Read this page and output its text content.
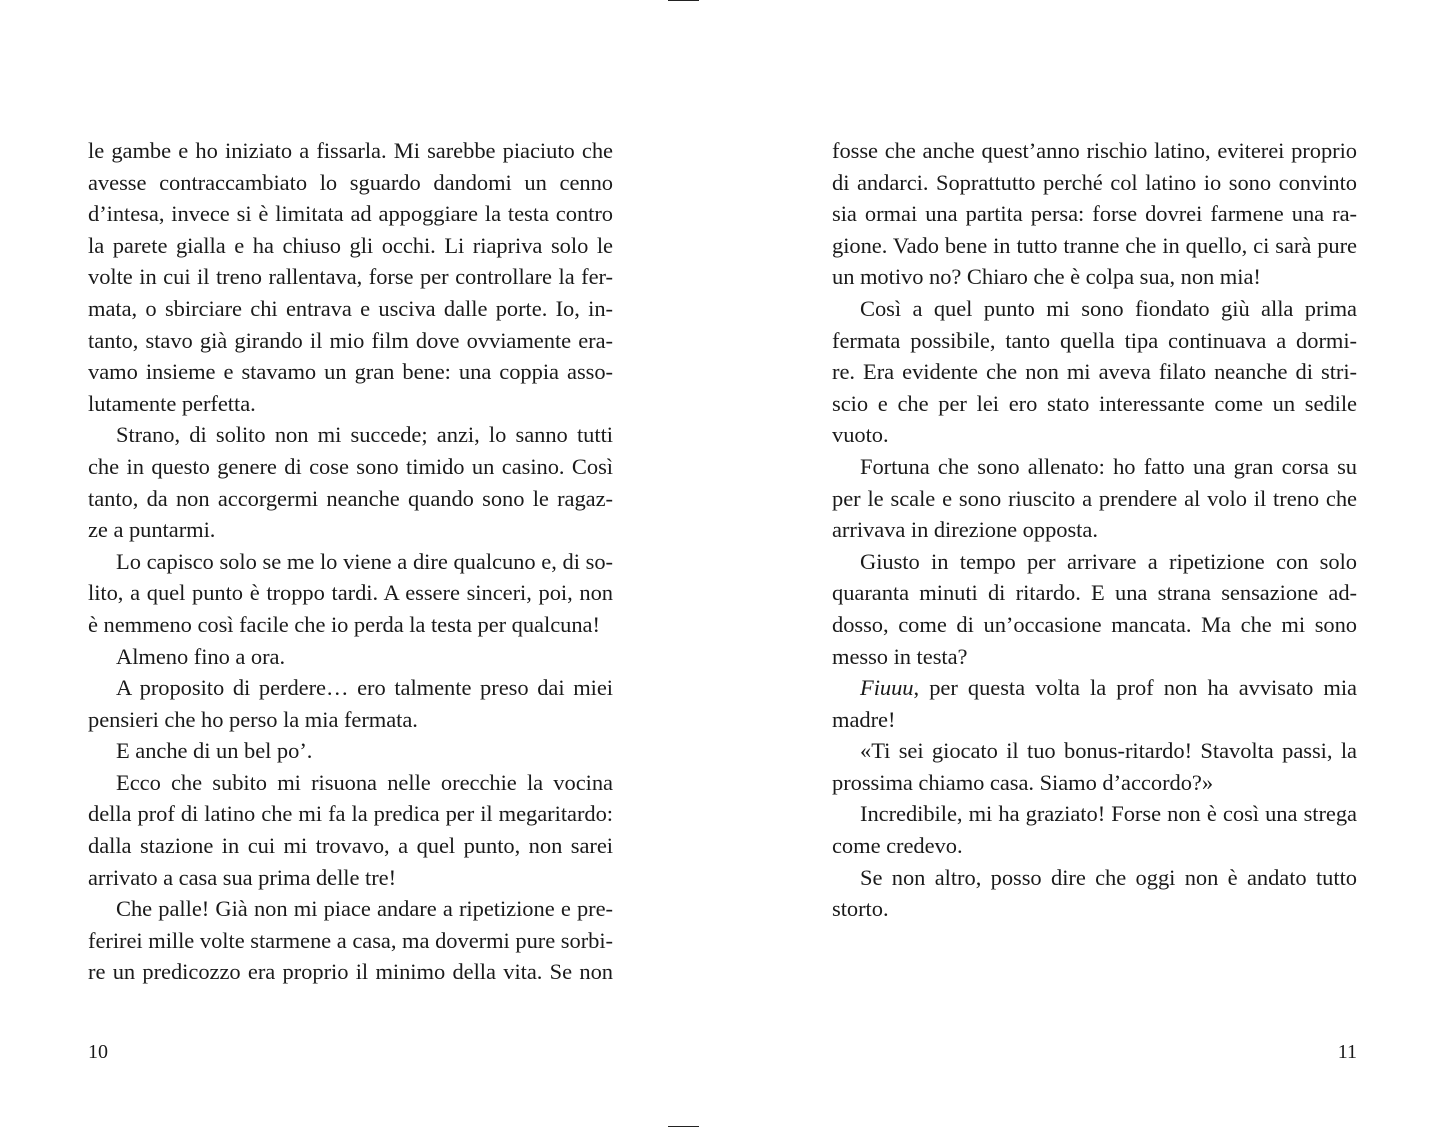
le gambe e ho iniziato a fissarla. Mi sarebbe piaciuto che
avesse contraccambiato lo sguardo dandomi un cenno
d’intesa, invece si è limitata ad appoggiare la testa contro
la parete gialla e ha chiuso gli occhi. Li riapriva solo le
volte in cui il treno rallentava, forse per controllare la fer-
mata, o sbirciare chi entrava e usciva dalle porte. Io, in-
tanto, stavo già girando il mio film dove ovviamente era-
vamo insieme e stavamo un gran bene: una coppia asso-
lutamente perfetta.
Strano, di solito non mi succede; anzi, lo sanno tutti
che in questo genere di cose sono timido un casino. Così
tanto, da non accorgermi neanche quando sono le ragaz-
ze a puntarmi.
Lo capisco solo se me lo viene a dire qualcuno e, di so-
lito, a quel punto è troppo tardi. A essere sinceri, poi, non
è nemmeno così facile che io perda la testa per qualcuna!
Almeno fino a ora.
A proposito di perdere… ero talmente preso dai miei
pensieri che ho perso la mia fermata.
E anche di un bel po’.
Ecco che subito mi risuona nelle orecchie la vocina
della prof di latino che mi fa la predica per il megaritardo:
dalla stazione in cui mi trovavo, a quel punto, non sarei
arrivato a casa sua prima delle tre!
Che palle! Già non mi piace andare a ripetizione e pre-
ferirei mille volte starmene a casa, ma dovermi pure sorbi-
re un predicozzo era proprio il minimo della vita. Se non
fosse che anche quest’anno rischio latino, eviterei proprio
di andarci. Soprattutto perché col latino io sono convinto
sia ormai una partita persa: forse dovrei farmene una ra-
gione. Vado bene in tutto tranne che in quello, ci sarà pure
un motivo no? Chiaro che è colpa sua, non mia!
Così a quel punto mi sono fiondato giù alla prima
fermata possibile, tanto quella tipa continuava a dormi-
re. Era evidente che non mi aveva filato neanche di stri-
scio e che per lei ero stato interessante come un sedile
vuoto.
Fortuna che sono allenato: ho fatto una gran corsa su
per le scale e sono riuscito a prendere al volo il treno che
arrivava in direzione opposta.
Giusto in tempo per arrivare a ripetizione con solo
quaranta minuti di ritardo. E una strana sensazione ad-
dosso, come di un’occasione mancata. Ma che mi sono
messo in testa?
Fiuuu, per questa volta la prof non ha avvisato mia
madre!
«Ti sei giocato il tuo bonus-ritardo! Stavolta passi, la
prossima chiamo casa. Siamo d’accordo?»
Incredibile, mi ha graziato! Forse non è così una strega
come credevo.
Se non altro, posso dire che oggi non è andato tutto
storto.
10	11
